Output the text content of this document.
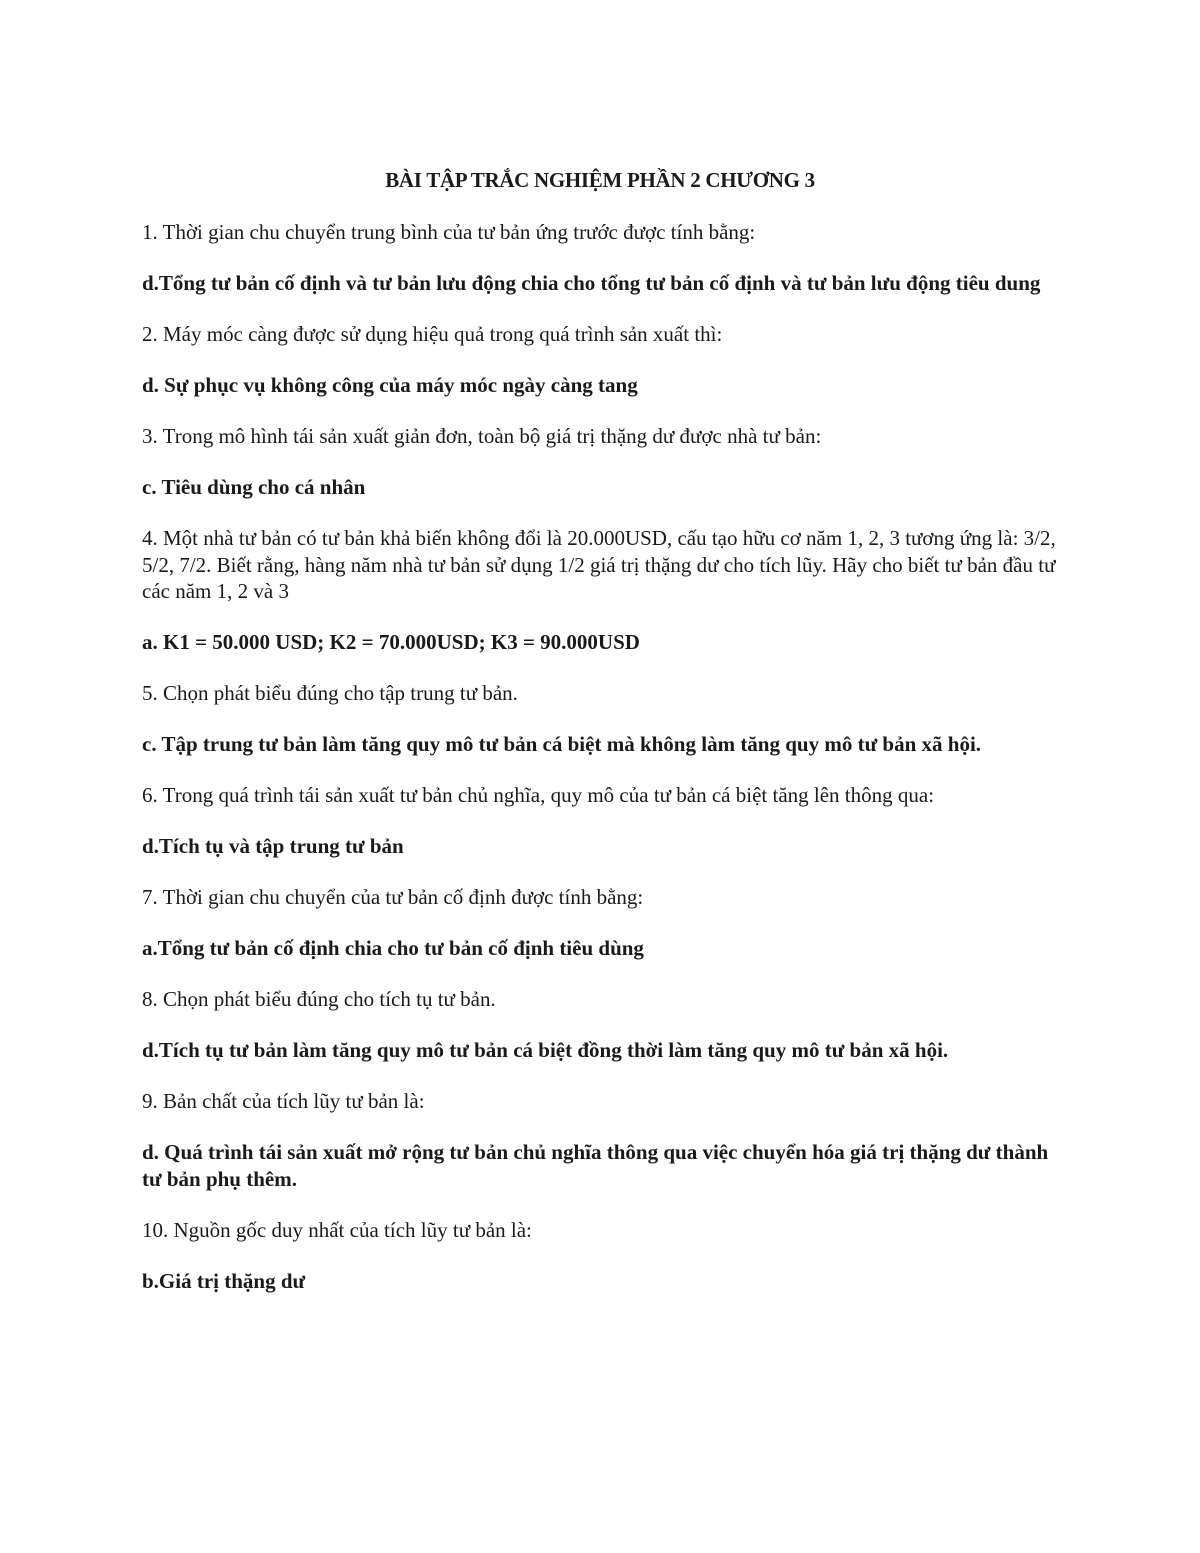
BÀI TẬP TRẮC NGHIỆM PHẦN 2 CHƯƠNG 3

1. Thời gian chu chuyển trung bình của tư bản ứng trước được tính bằng:

d.Tổng tư bản cố định và tư bản lưu động chia cho tổng tư bản cố định và tư bản lưu động tiêu dung

2. Máy móc càng được sử dụng hiệu quả trong quá trình sản xuất thì:

d. Sự phục vụ không công của máy móc ngày càng tang

3. Trong mô hình tái sản xuất giản đơn, toàn bộ giá trị thặng dư được nhà tư bản:

c. Tiêu dùng cho cá nhân

4. Một nhà tư bản có tư bản khả biến không đổi là 20.000USD, cấu tạo hữu cơ năm 1, 2, 3 tương ứng là: 3/2, 5/2, 7/2. Biết rằng, hàng năm nhà tư bản sử dụng 1/2 giá trị thặng dư cho tích lũy. Hãy cho biết tư bản đầu tư các năm 1, 2 và 3

a. K1 = 50.000 USD; K2 = 70.000USD; K3 = 90.000USD

5. Chọn phát biểu đúng cho tập trung tư bản.

c. Tập trung tư bản làm tăng quy mô tư bản cá biệt mà không làm tăng quy mô tư bản xã hội.

6. Trong quá trình tái sản xuất tư bản chủ nghĩa, quy mô của tư bản cá biệt tăng lên thông qua:

d.Tích tụ và tập trung tư bản

7. Thời gian chu chuyển của tư bản cố định được tính bằng:

a.Tổng tư bản cố định chia cho tư bản cố định tiêu dùng

8. Chọn phát biểu đúng cho tích tụ tư bản.

d.Tích tụ tư bản làm tăng quy mô tư bản cá biệt đồng thời làm tăng quy mô tư bản xã hội.

9. Bản chất của tích lũy tư bản là:

d. Quá trình tái sản xuất mở rộng tư bản chủ nghĩa thông qua việc chuyển hóa giá trị thặng dư thành tư bản phụ thêm.

10. Nguồn gốc duy nhất của tích lũy tư bản là:

b.Giá trị thặng dư
